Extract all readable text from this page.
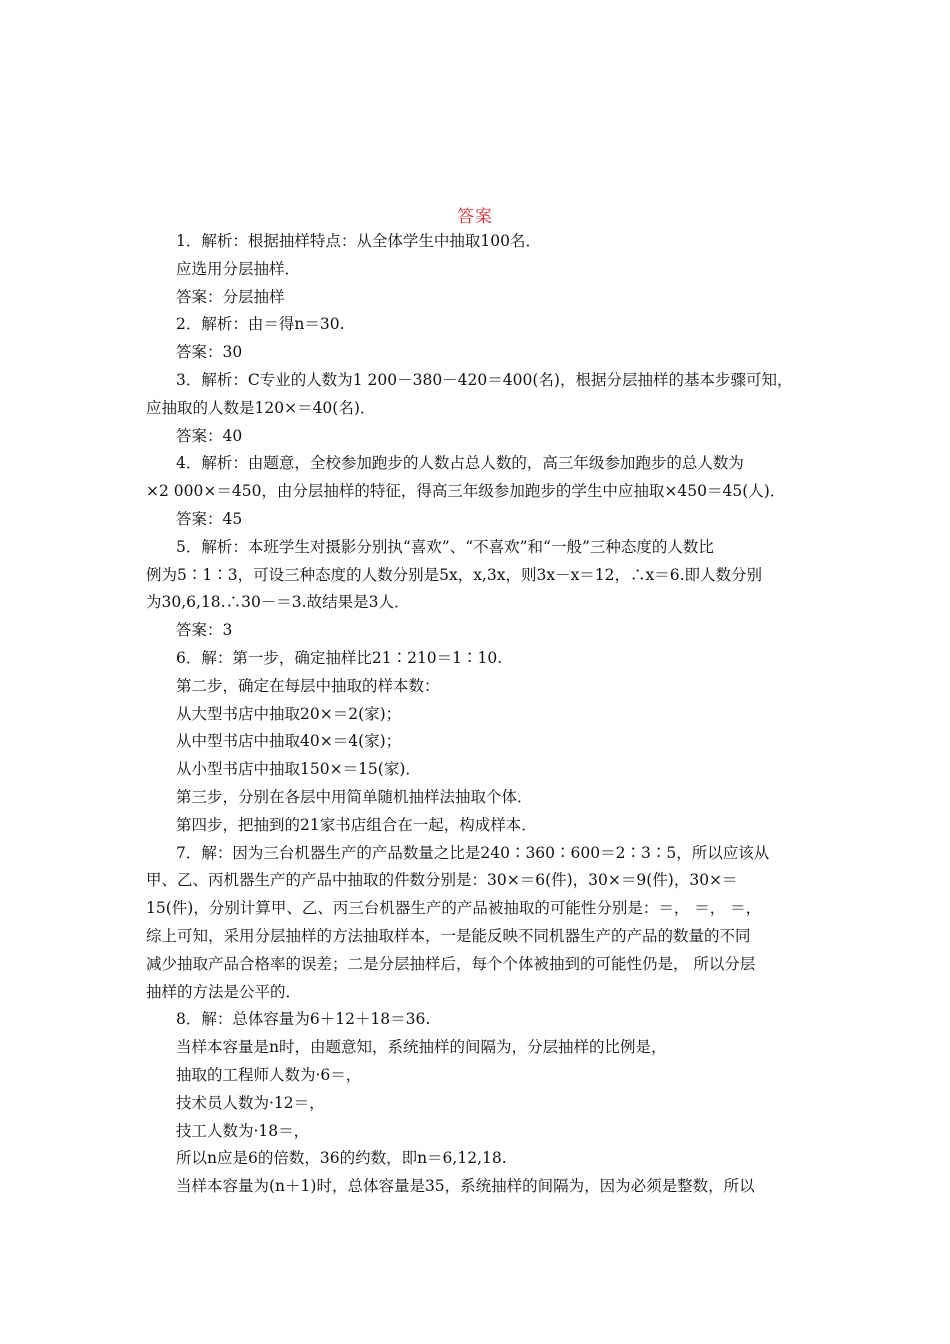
答案
1．解析：根据抽样特点：从全体学生中抽取100名．
应选用分层抽样．
答案：分层抽样
2．解析：由＝得n＝30.
答案：30
3．解析：C专业的人数为1 200－380－420＝400(名)，根据分层抽样的基本步骤可知，
应抽取的人数是120×＝40(名)．
答案：40
4．解析：由题意，全校参加跑步的人数占总人数的，高三年级参加跑步的总人数为
×2 000×＝450，由分层抽样的特征，得高三年级参加跑步的学生中应抽取×450＝45(人)．
答案：45
5．解析：本班学生对摄影分别执“喜欢”、“不喜欢”和“一般”三种态度的人数比
例为5∶1∶3，可设三种态度的人数分别是5x，x,3x，则3x－x＝12，∴x＝6.即人数分别
为30,6,18.∴30－＝3.故结果是3人．
答案：3
6．解：第一步，确定抽样比21∶210＝1∶10.
第二步，确定在每层中抽取的样本数：
从大型书店中抽取20×＝2(家)；
从中型书店中抽取40×＝4(家)；
从小型书店中抽取150×＝15(家)．
第三步，分别在各层中用简单随机抽样法抽取个体．
第四步，把抽到的21家书店组合在一起，构成样本．
7．解：因为三台机器生产的产品数量之比是240∶360∶600＝2∶3∶5，所以应该从
甲、乙、丙机器生产的产品中抽取的件数分别是：30×＝6(件)，30×＝9(件)，30×＝
15(件)，分别计算甲、乙、丙三台机器生产的产品被抽取的可能性分别是：＝， ＝， ＝，
综上可知，采用分层抽样的方法抽取样本，一是能反映不同机器生产的产品的数量的不同
减少抽取产品合格率的误差；二是分层抽样后，每个个体被抽到的可能性仍是， 所以分层
抽样的方法是公平的．
8．解：总体容量为6＋12＋18＝36.
当样本容量是n时，由题意知，系统抽样的间隔为，分层抽样的比例是，
抽取的工程师人数为·6＝，
技术员人数为·12＝，
技工人数为·18＝，
所以n应是6的倍数，36的约数，即n＝6,12,18.
当样本容量为(n＋1)时，总体容量是35，系统抽样的间隔为，因为必须是整数，所以
